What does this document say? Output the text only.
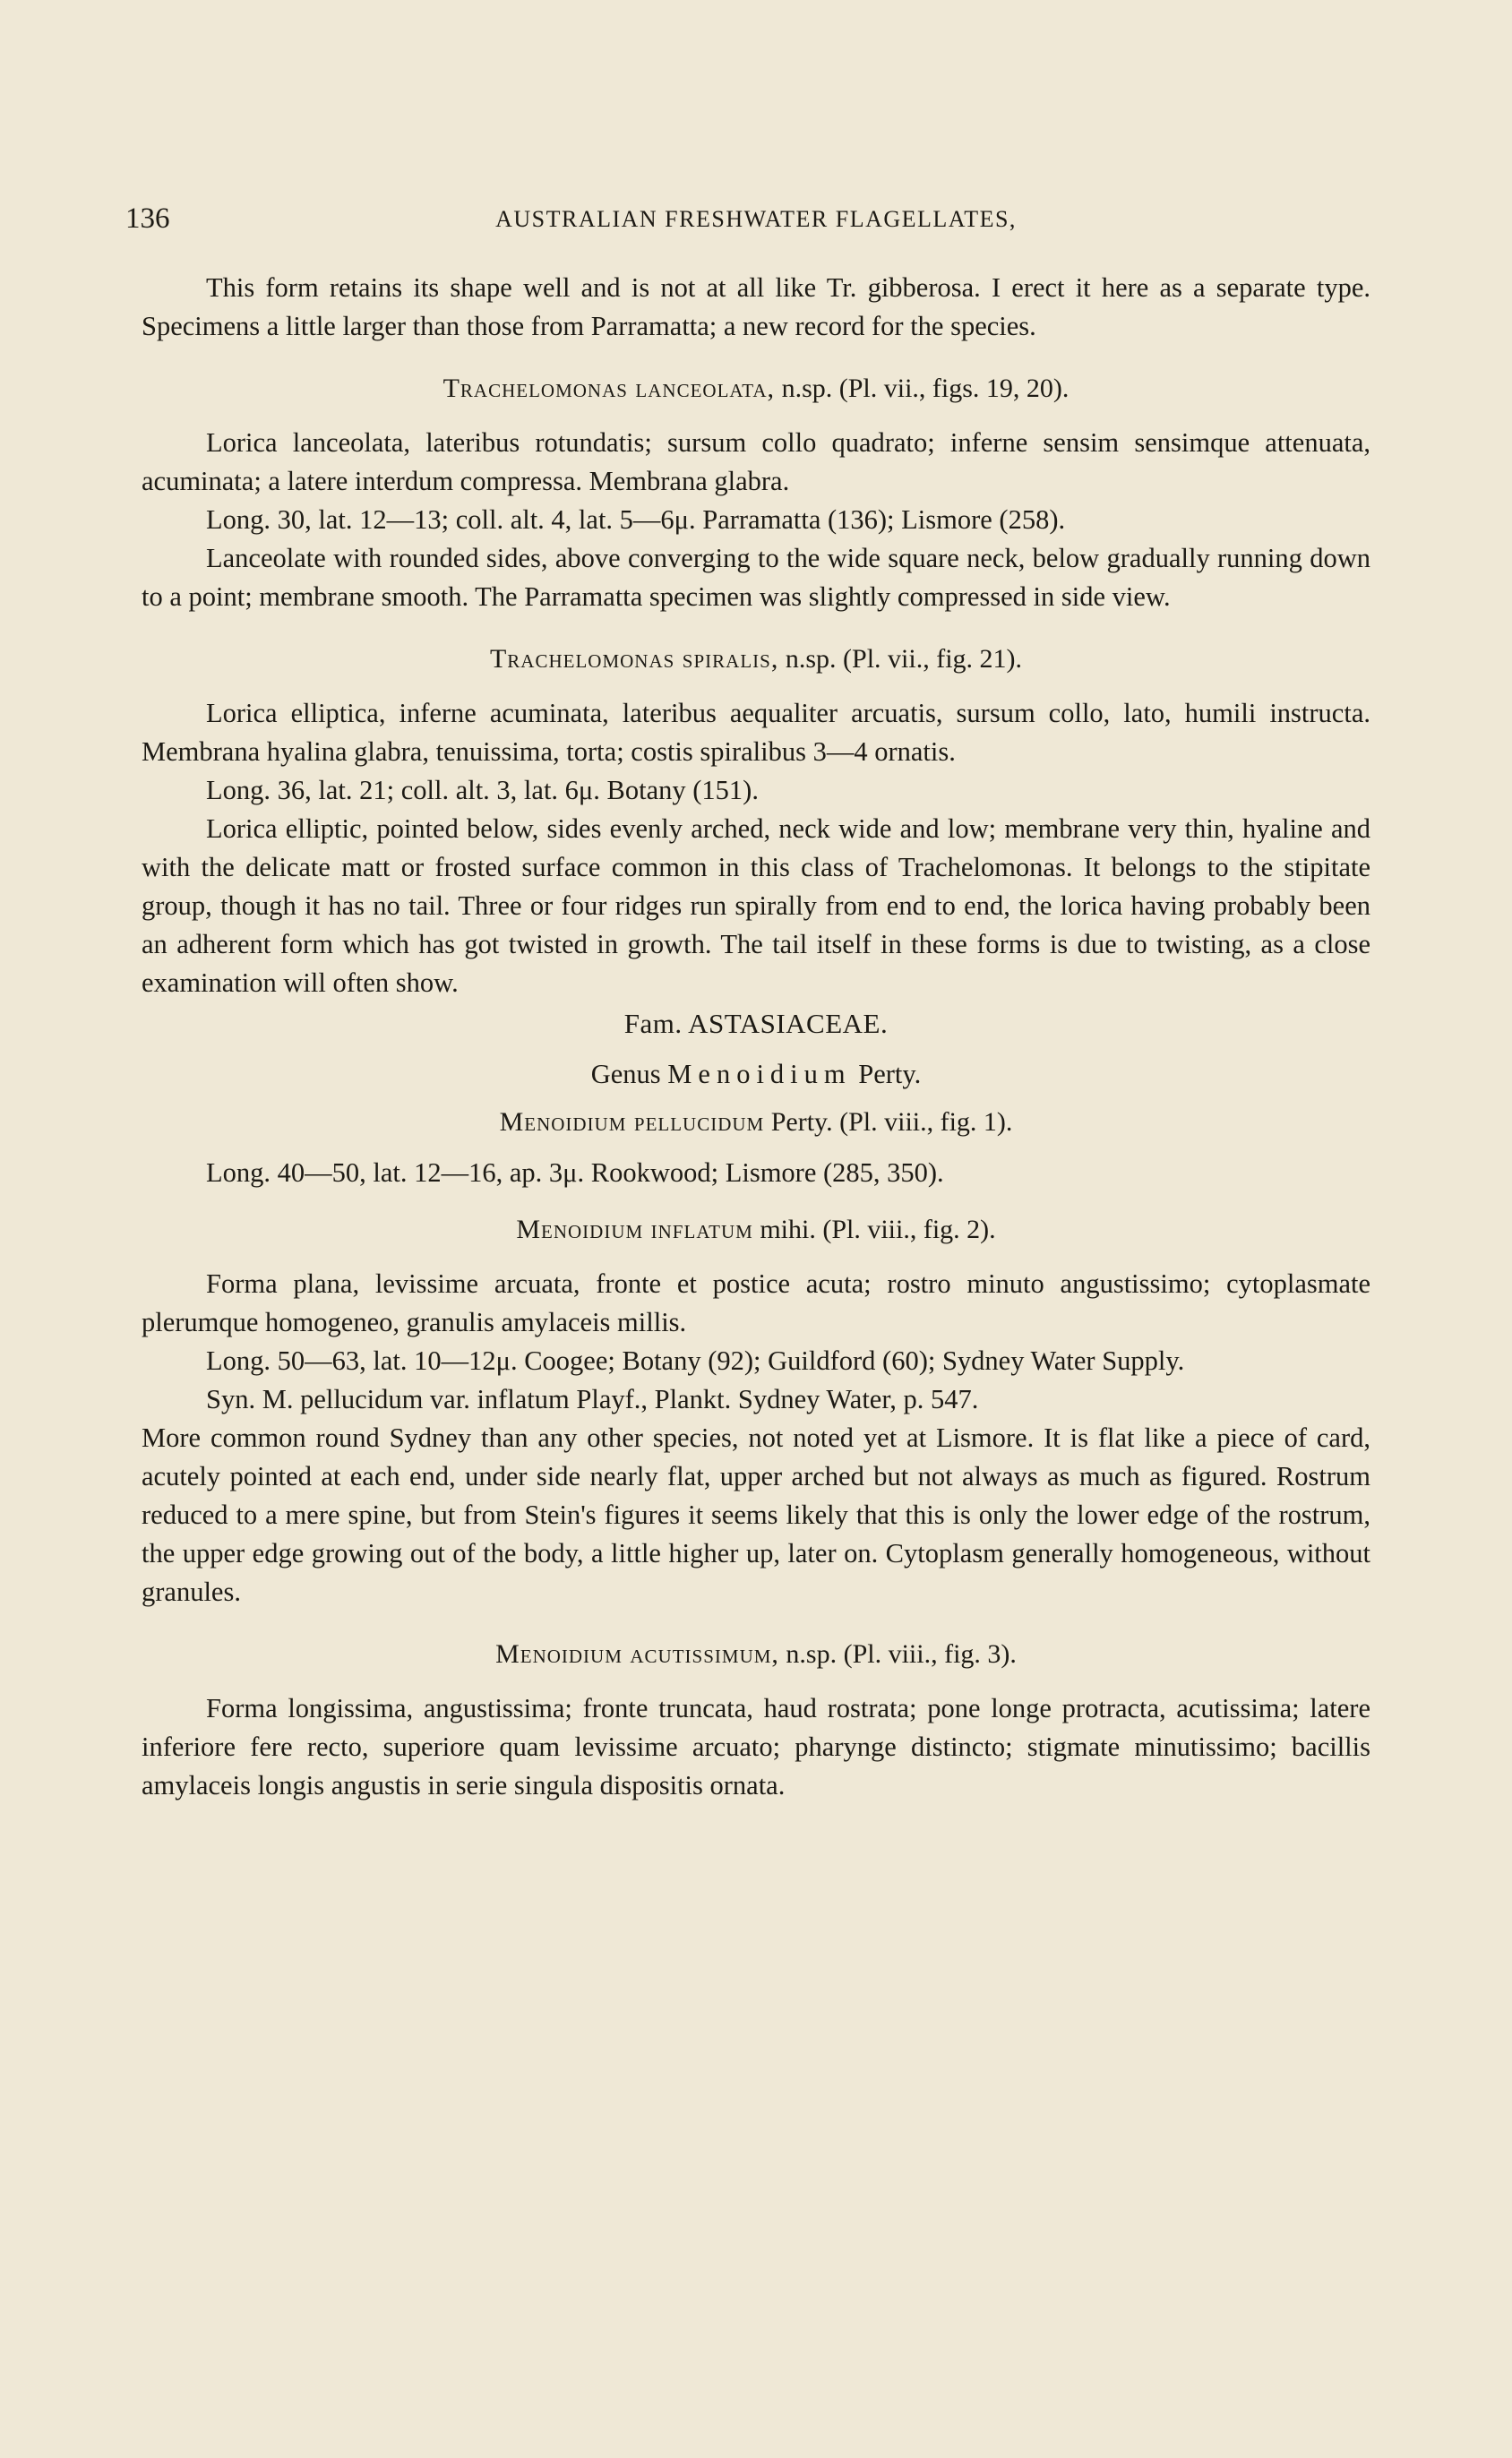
136	AUSTRALIAN FRESHWATER FLAGELLATES,

This form retains its shape well and is not at all like Tr. gibberosa. I erect it here as a separate type. Specimens a little larger than those from Parramatta; a new record for the species.

Trachelomonas lanceolata, n.sp. (Pl. vii., figs. 19, 20).

Lorica lanceolata, lateribus rotundatis; sursum collo quadrato; inferne sensim sensimque attenuata, acuminata; a latere interdum compressa. Membrana glabra.

Long. 30, lat. 12—13; coll. alt. 4, lat. 5—6μ. Parramatta (136); Lismore (258).

Lanceolate with rounded sides, above converging to the wide square neck, below gradually running down to a point; membrane smooth. The Parramatta specimen was slightly compressed in side view.

Trachelomonas spiralis, n.sp. (Pl. vii., fig. 21).

Lorica elliptica, inferne acuminata, lateribus aequaliter arcuatis, sursum collo, lato, humili instructa. Membrana hyalina glabra, tenuissima, torta; costis spiralibus 3—4 ornatis.

Long. 36, lat. 21; coll. alt. 3, lat. 6μ. Botany (151).

Lorica elliptic, pointed below, sides evenly arched, neck wide and low; membrane very thin, hyaline and with the delicate matt or frosted surface common in this class of Trachelomonas. It belongs to the stipitate group, though it has no tail. Three or four ridges run spirally from end to end, the lorica having probably been an adherent form which has got twisted in growth. The tail itself in these forms is due to twisting, as a close examination will often show.

Fam. ASTASIACEAE.
Genus Menoidium Perty.
Menoidium pellucidum Perty. (Pl. viii., fig. 1).

Long. 40—50, lat. 12—16, ap. 3μ. Rookwood; Lismore (285, 350).

Menoidium inflatum mihi. (Pl. viii., fig. 2).

Forma plana, levissime arcuata, fronte et postice acuta; rostro minuto angustissimo; cytoplasmate plerumque homogeneo, granulis amylaceis millis.

Long. 50—63, lat. 10—12μ. Coogee; Botany (92); Guildford (60); Sydney Water Supply.

Syn. M. pellucidum var. inflatum Playf., Plankt. Sydney Water, p. 547.

More common round Sydney than any other species, not noted yet at Lismore. It is flat like a piece of card, acutely pointed at each end, under side nearly flat, upper arched but not always as much as figured. Rostrum reduced to a mere spine, but from Stein's figures it seems likely that this is only the lower edge of the rostrum, the upper edge growing out of the body, a little higher up, later on. Cytoplasm generally homogeneous, without granules.

Menoidium acutissimum, n.sp. (Pl. viii., fig. 3).

Forma longissima, angustissima; fronte truncata, haud rostrata; pone longe protracta, acutissima; latere inferiore fere recto, superiore quam levissime arcuato; pharynge distincto; stigmate minutissimo; bacillis amylaceis longis angustis in serie singula dispositis ornata.
